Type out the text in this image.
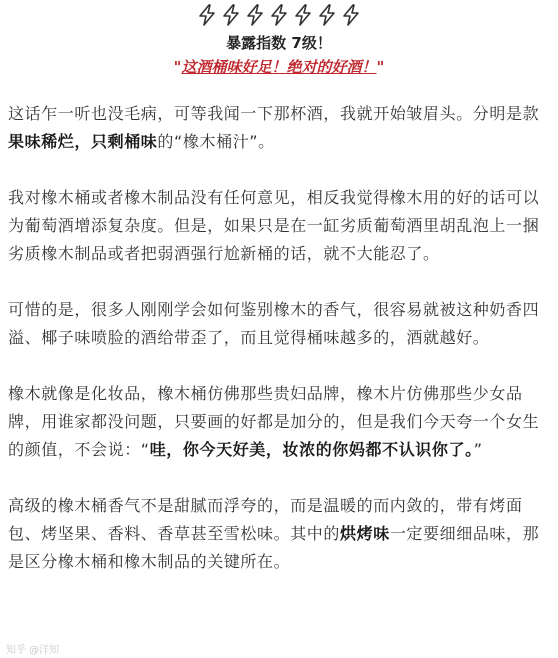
暴露指数 7级！
"这酒桶味好足！绝对的好酒！"

这话乍一听也没毛病，可等我闻一下那杯酒，我就开始皱眉头。分明是款果味稀烂，只剩桶味的“橡木桶汁”。

我对橡木桶或者橡木制品没有任何意见，相反我觉得橡木用的好的话可以为葡萄酒增添复杂度。但是，如果只是在一缸劣质葡萄酒里胡乱泡上一捆劣质橡木制品或者把弱酒强行尬新桶的话，就不大能忍了。

可惜的是，很多人刚刚学会如何鉴别橡木的香气，很容易就被这种奶香四溢、椰子味喷脸的酒给带歪了，而且觉得桶味越多的，酒就越好。

橡木就像是化妆品，橡木桶仿佛那些贵妇品牌，橡木片仿佛那些少女品牌，用谁家都没问题，只要画的好都是加分的，但是我们今天夸一个女生的颜值，不会说：“哇，你今天好美，妆浓的你妈都不认识你了。”

高级的橡木桶香气不是甜腻而浮夸的，而是温暖的而内敛的，带有烤面包、烤坚果、香料、香草甚至雪松味。其中的烘烤味一定要细细品味，那是区分橡木桶和橡木制品的关键所在。

知乎 @洋知
